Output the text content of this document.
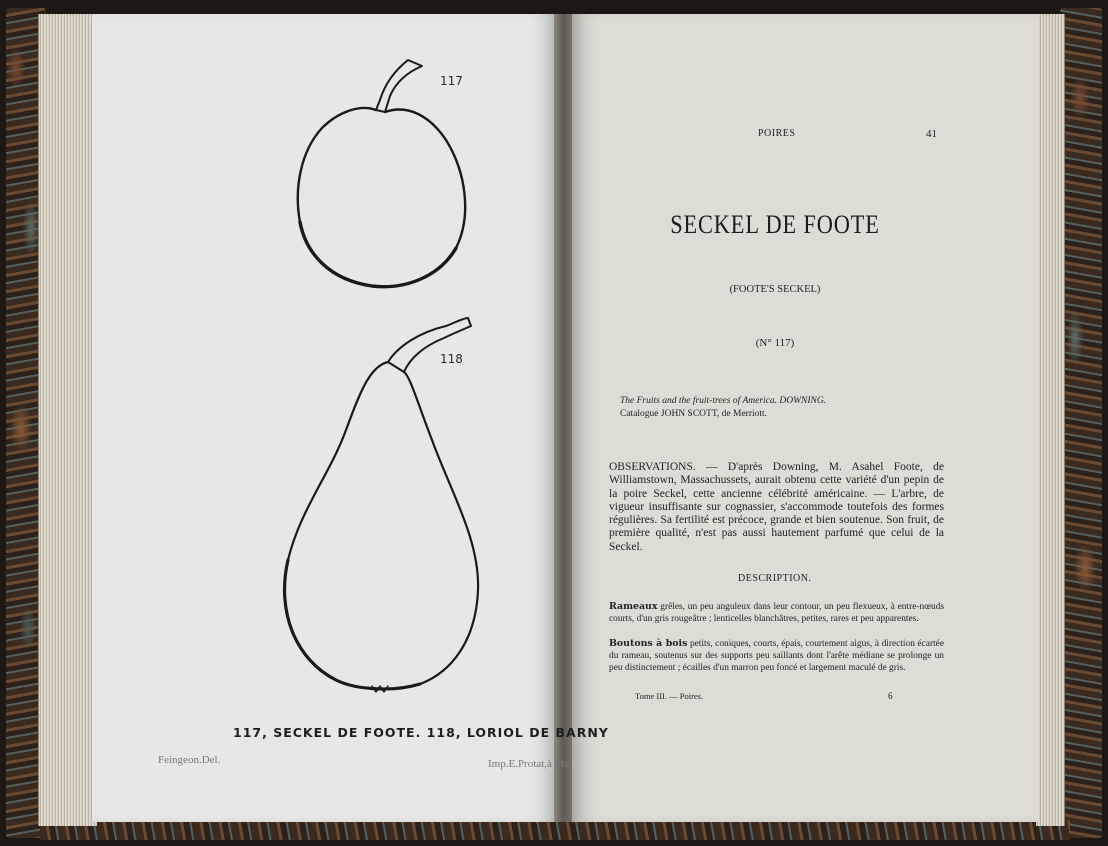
117
118
117, SECKEL DE FOOTE. 118, LORIOL DE BARNY
Feingeon.Del.	Imp.E.Protat,à Ma
POIRES	41
SECKEL DE FOOTE
(FOOTE'S SECKEL)
(N° 117)
The Fruits and the fruit-trees of America. DOWNING.
Catalogue JOHN SCOTT, de Merriott.
OBSERVATIONS. — D'après Downing, M. Asahel Foote, de Williamstown, Massachussets, aurait obtenu cette variété d'un pepin de la poire Seckel, cette ancienne célébrité américaine. — L'arbre, de vigueur insuffisante sur cognassier, s'accommode toutefois des formes régulières. Sa fertilité est précoce, grande et bien soutenue. Son fruit, de première qualité, n'est pas aussi hautement parfumé que celui de la Seckel.
DESCRIPTION.
Rameaux grêles, un peu anguleux dans leur contour, un peu flexueux, à entre-nœuds courts, d'un gris rougeâtre ; lenticelles blanchâtres, petites, rares et peu apparentes.
Boutons à bois petits, coniques, courts, épais, courtement aigus, à direction écartée du rameau, soutenus sur des supports peu saillants dont l'arête médiane se prolonge un peu distinctement ; écailles d'un marron peu foncé et largement maculé de gris.
Tome III. — Poires.	6
